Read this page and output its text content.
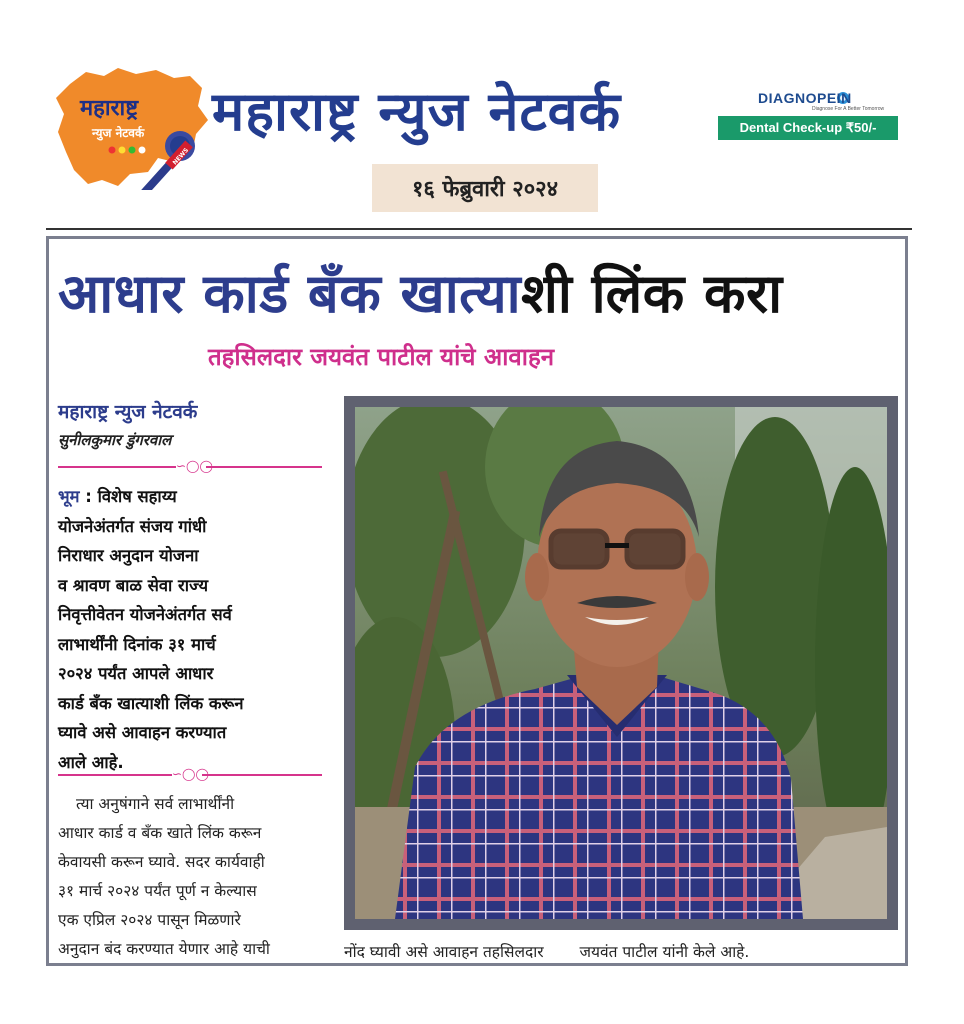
NEWS
महाराष्ट्र
न्युज नेटवर्क महाराष्ट्र न्युज नेटवर्क
१६ फेब्रुवारी २०२४
DIAGNOPEIN
Diagnose For A Better Tomorrow
Dental Check-up ₹50/-
आधार कार्ड बँक खात्याशी लिंक करा
तहसिलदार जयवंत पाटील यांचे आवाहन
महाराष्ट्र न्युज नेटवर्क
सुनीलकुमार डुंगरवाल
∽◯◯
भूम : विशेष सहाय्य
योजनेअंतर्गत संजय गांधी
निराधार अनुदान योजना
व श्रावण बाळ सेवा राज्य
निवृत्तीवेतन योजनेअंतर्गत सर्व
लाभार्थींनी दिनांक ३१ मार्च
२०२४ पर्यंत आपले आधार
कार्ड बँक खात्याशी लिंक करून
घ्यावे असे आवाहन करण्यात
आले आहे.
∽◯◯
त्या अनुषंगाने सर्व लाभार्थींनी
आधार कार्ड व बँक खाते लिंक करून
केवायसी करून घ्यावे. सदर कार्यवाही
३१ मार्च २०२४ पर्यंत पूर्ण न केल्यास
एक एप्रिल २०२४ पासून मिळणारे
अनुदान बंद करण्यात येणार आहे याची	नोंद घ्यावी असे आवाहन तहसिलदार जयवंत पाटील यांनी केले आहे.
